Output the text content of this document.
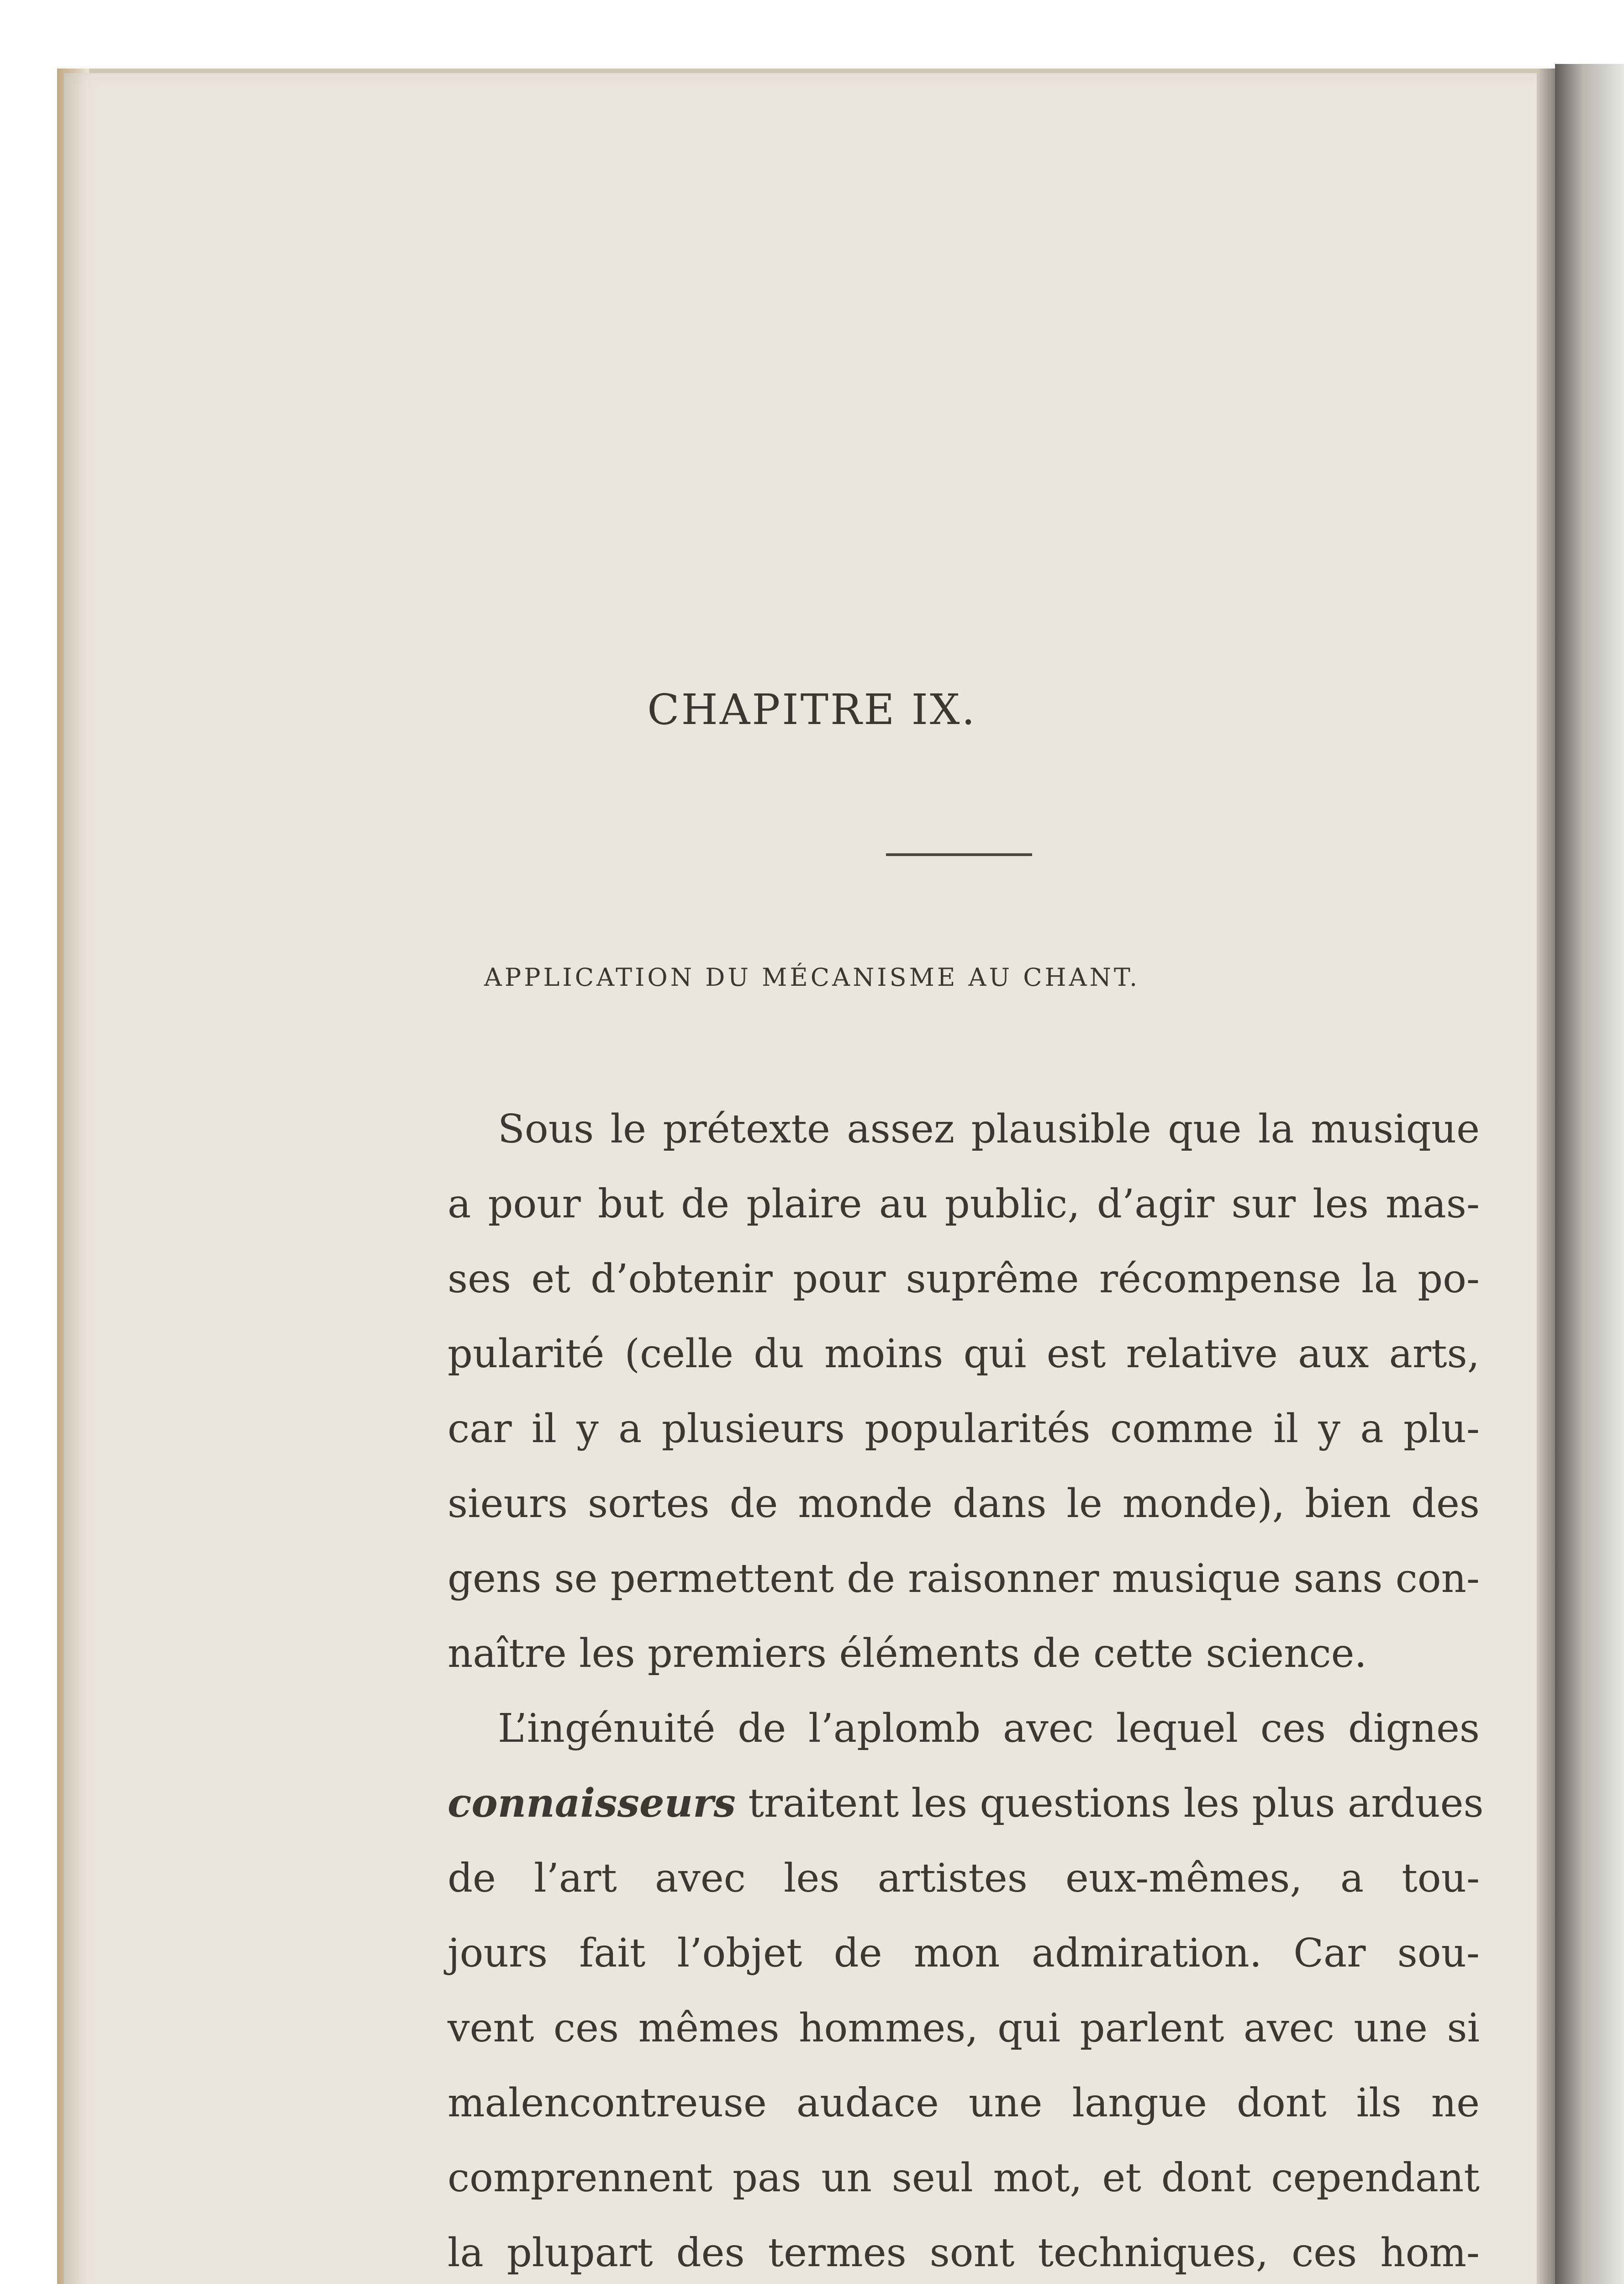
CHAPITRE IX.
APPLICATION DU MÉCANISME AU CHANT.
Sous le prétexte assez plausible que la musique
a pour but de plaire au public, d’agir sur les mas-
ses et d’obtenir pour suprême récompense la po-
pularité (celle du moins qui est relative aux arts,
car il y a plusieurs popularités comme il y a plu-
sieurs sortes de monde dans le monde), bien des
gens se permettent de raisonner musique sans con-
naître les premiers éléments de cette science.
L’ingénuité de l’aplomb avec lequel ces dignes
connaisseurs traitent les questions les plus ardues
de l’art avec les artistes eux-mêmes, a tou-
jours fait l’objet de mon admiration. Car sou-
vent ces mêmes hommes, qui parlent avec une si
malencontreuse audace une langue dont ils ne
comprennent pas un seul mot, et dont cependant
la plupart des termes sont techniques, ces hom-
